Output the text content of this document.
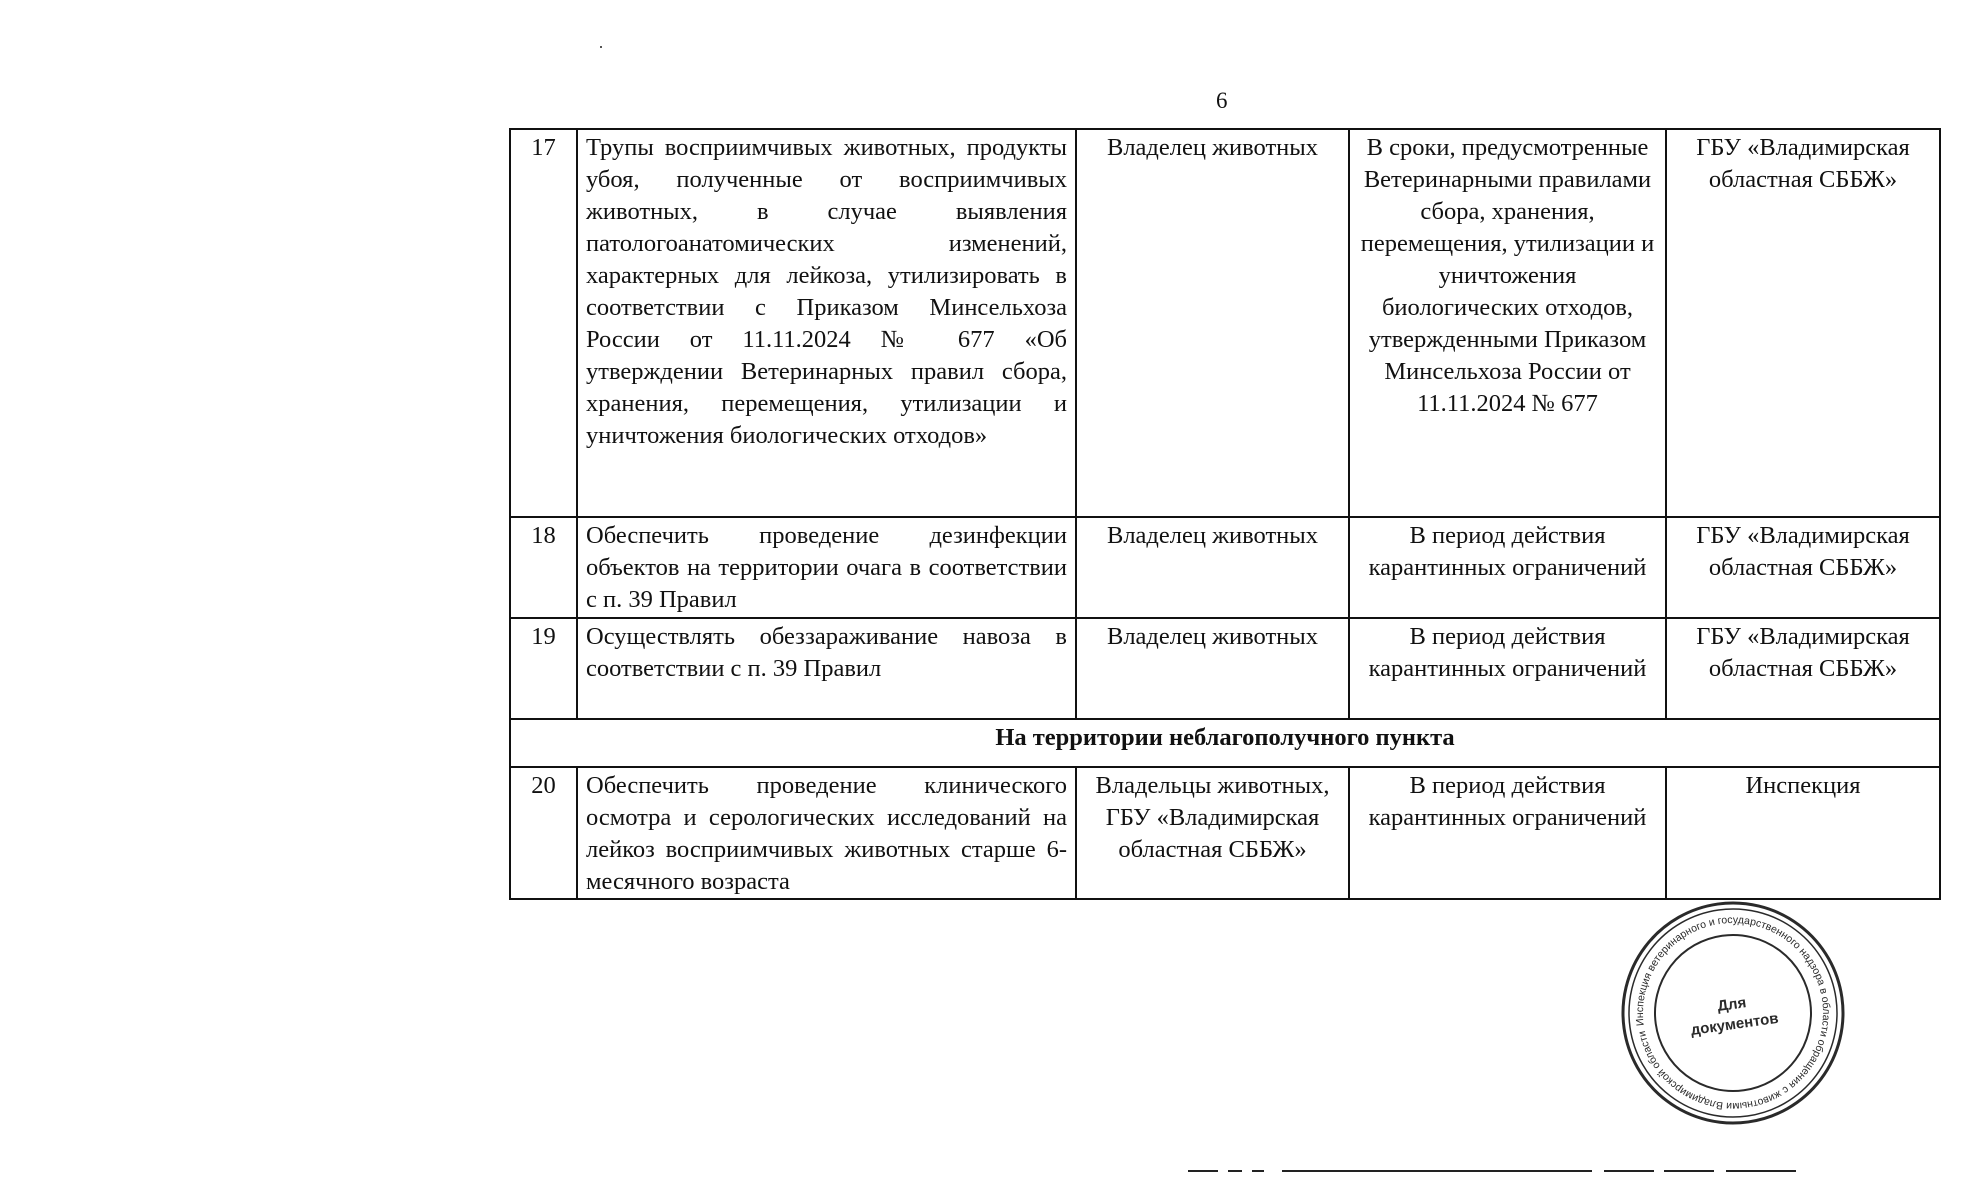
6
17	Трупы восприимчивых животных, продукты убоя, полученные от восприимчивых животных, в случае выявления патологоанатомических изменений, характерных для лейкоза, утилизировать в соответствии с Приказом Минсельхоза России от 11.11.2024 № 677 «Об утверждении Ветеринарных правил сбора, хранения, перемещения, утилизации и уничтожения биологических отходов»	Владелец животных	В сроки, предусмотренные Ветеринарными правилами сбора, хранения, перемещения, утилизации и уничтожения биологических отходов, утвержденными Приказом Минсельхоза России от 11.11.2024 № 677	ГБУ «Владимирская областная СББЖ»
18	Обеспечить проведение дезинфекции объектов на территории очага в соответствии с п. 39 Правил	Владелец животных	В период действия карантинных ограничений	ГБУ «Владимирская областная СББЖ»
19	Осуществлять обеззараживание навоза в соответствии с п. 39 Правил	Владелец животных	В период действия карантинных ограничений	ГБУ «Владимирская областная СББЖ»
На территории неблагополучного пункта				
20	Обеспечить проведение клинического осмотра и серологических исследований на лейкоз восприимчивых животных старше 6-месячного возраста	Владельцы животных, ГБУ «Владимирская областная СББЖ»	В период действия карантинных ограничений	Инспекция
Инспекция ветеринарного и государственного надзора в области обращения с животными Владимирской области
Для
документов
